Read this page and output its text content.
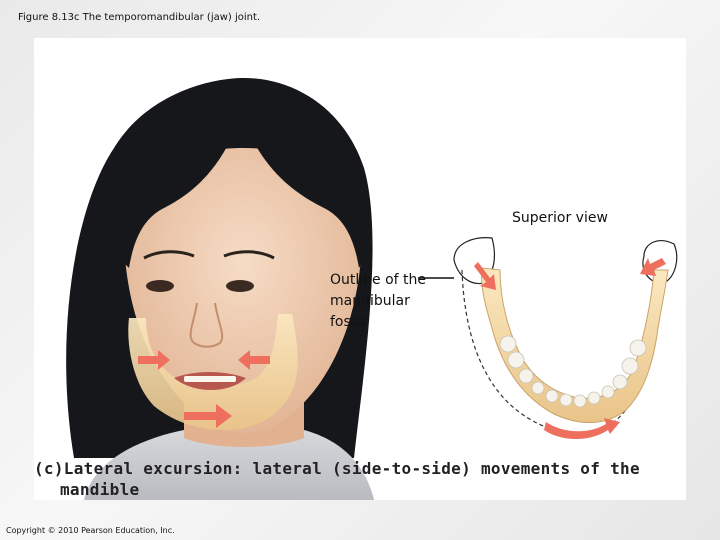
Figure 8.13c The temporomandibular (jaw) joint.
Superior view
Outline of the mandibular fossa
(c)Lateral excursion: lateral (side-to-side) movements of the
mandible
Copyright © 2010 Pearson Education, Inc.
